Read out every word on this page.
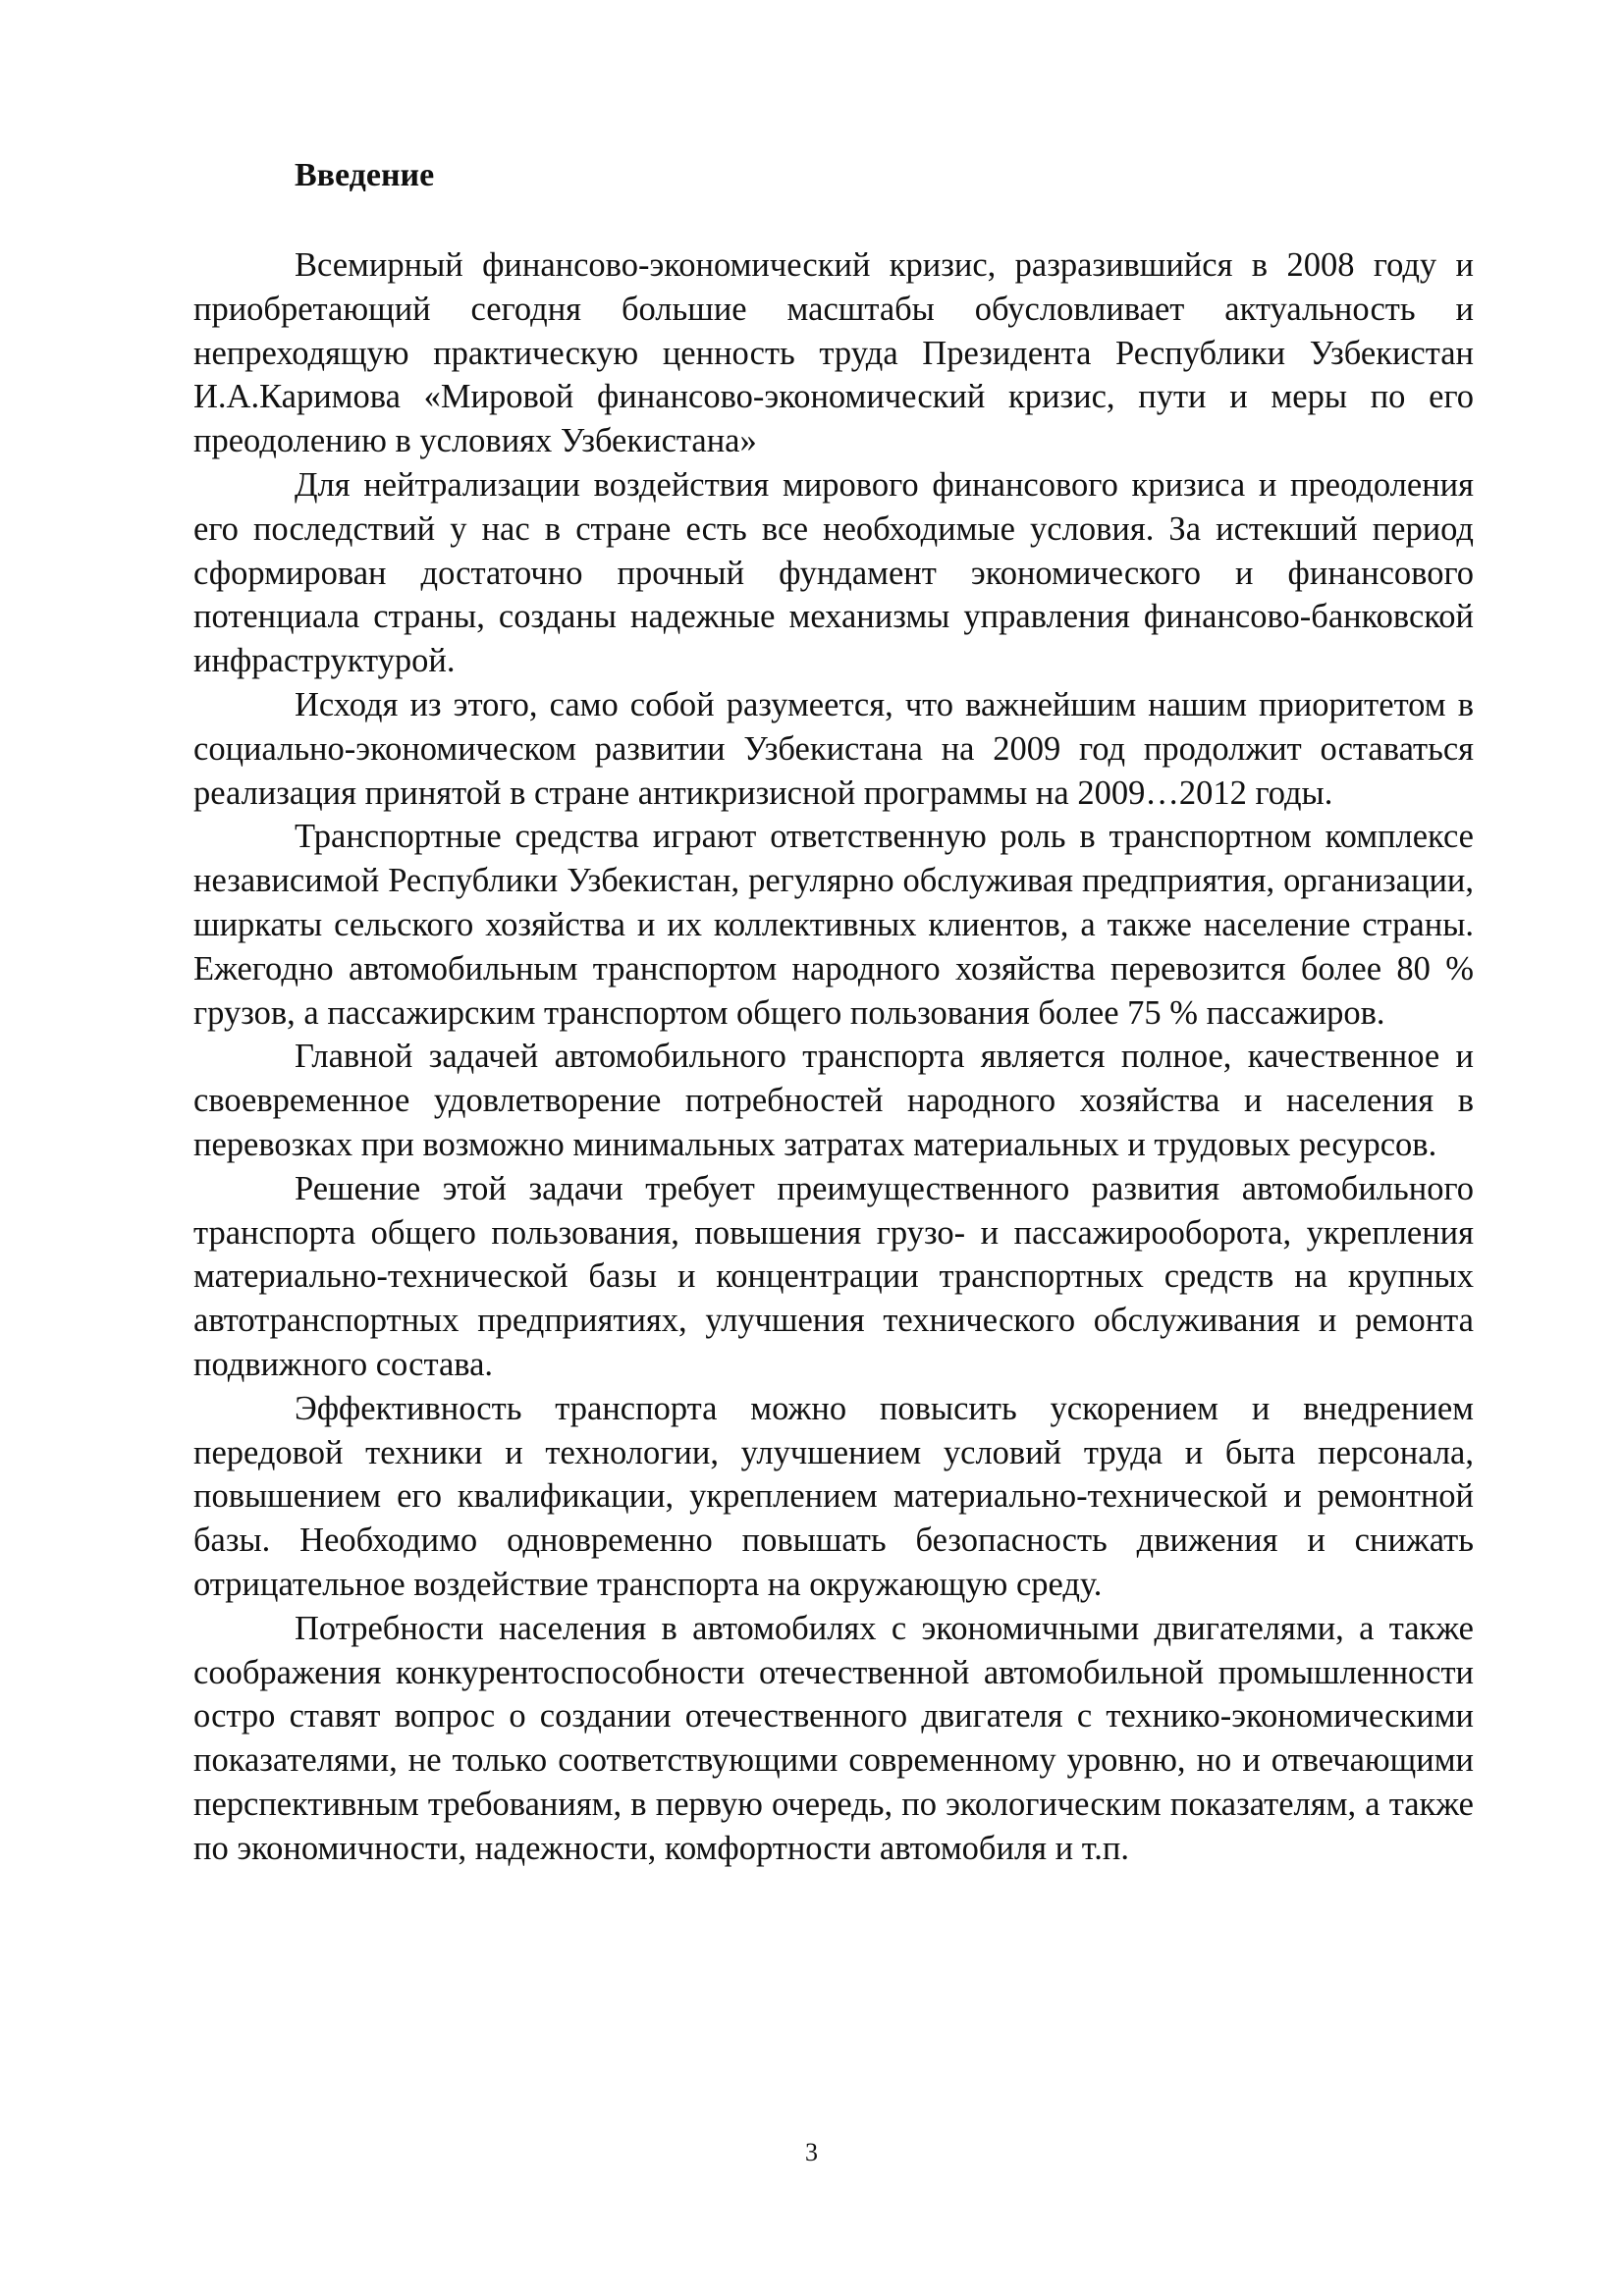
Введение

Всемирный финансово-экономический кризис, разразившийся в 2008 году и приобретающий сегодня большие масштабы обусловливает актуальность и непреходящую практическую ценность труда Президента Республики Узбекистан И.А.Каримова «Мировой финансово-экономический кризис, пути и меры по его преодолению в условиях Узбекистана»

Для нейтрализации воздействия мирового финансового кризиса и преодоления его последствий у нас в стране есть все необходимые условия. За истекший период сформирован достаточно прочный фундамент экономического и финансового потенциала страны, созданы надежные механизмы управления финансово-банковской инфраструктурой.

Исходя из этого, само собой разумеется, что важнейшим нашим приоритетом в социально-экономическом развитии Узбекистана на 2009 год продолжит оставаться реализация принятой в стране антикризисной программы на 2009…2012 годы.

Транспортные средства играют ответственную роль в транспортном комплексе независимой Республики Узбекистан, регулярно обслуживая предприятия, организации, ширкаты сельского хозяйства и их коллективных клиентов, а также население страны. Ежегодно автомобильным транспортом народного хозяйства перевозится более 80 % грузов, а пассажирским транспортом общего пользования более 75 % пассажиров.

Главной задачей автомобильного транспорта является полное, качественное и своевременное удовлетворение потребностей народного хозяйства и населения в перевозках при возможно минимальных затратах материальных и трудовых ресурсов.

Решение этой задачи требует преимущественного развития автомобильного транспорта общего пользования, повышения грузо- и пассажирооборота, укрепления материально-технической базы и концентрации транспортных средств на крупных автотранспортных предприятиях, улучшения технического обслуживания и ремонта подвижного состава.

Эффективность транспорта можно повысить ускорением и внедрением передовой техники и технологии, улучшением условий труда и быта персонала, повышением его квалификации, укреплением материально-технической и ремонтной базы. Необходимо одновременно повышать безопасность движения и снижать отрицательное воздействие транспорта на окружающую среду.

Потребности населения в автомобилях с экономичными двигателями, а также соображения конкурентоспособности отечественной автомобильной промышленности остро ставят вопрос о создании отечественного двигателя с технико-экономическими показателями, не только соответствующими современному уровню, но и отвечающими перспективным требованиям, в первую очередь, по экологическим показателям, а также по экономичности, надежности, комфортности автомобиля и т.п.

3
